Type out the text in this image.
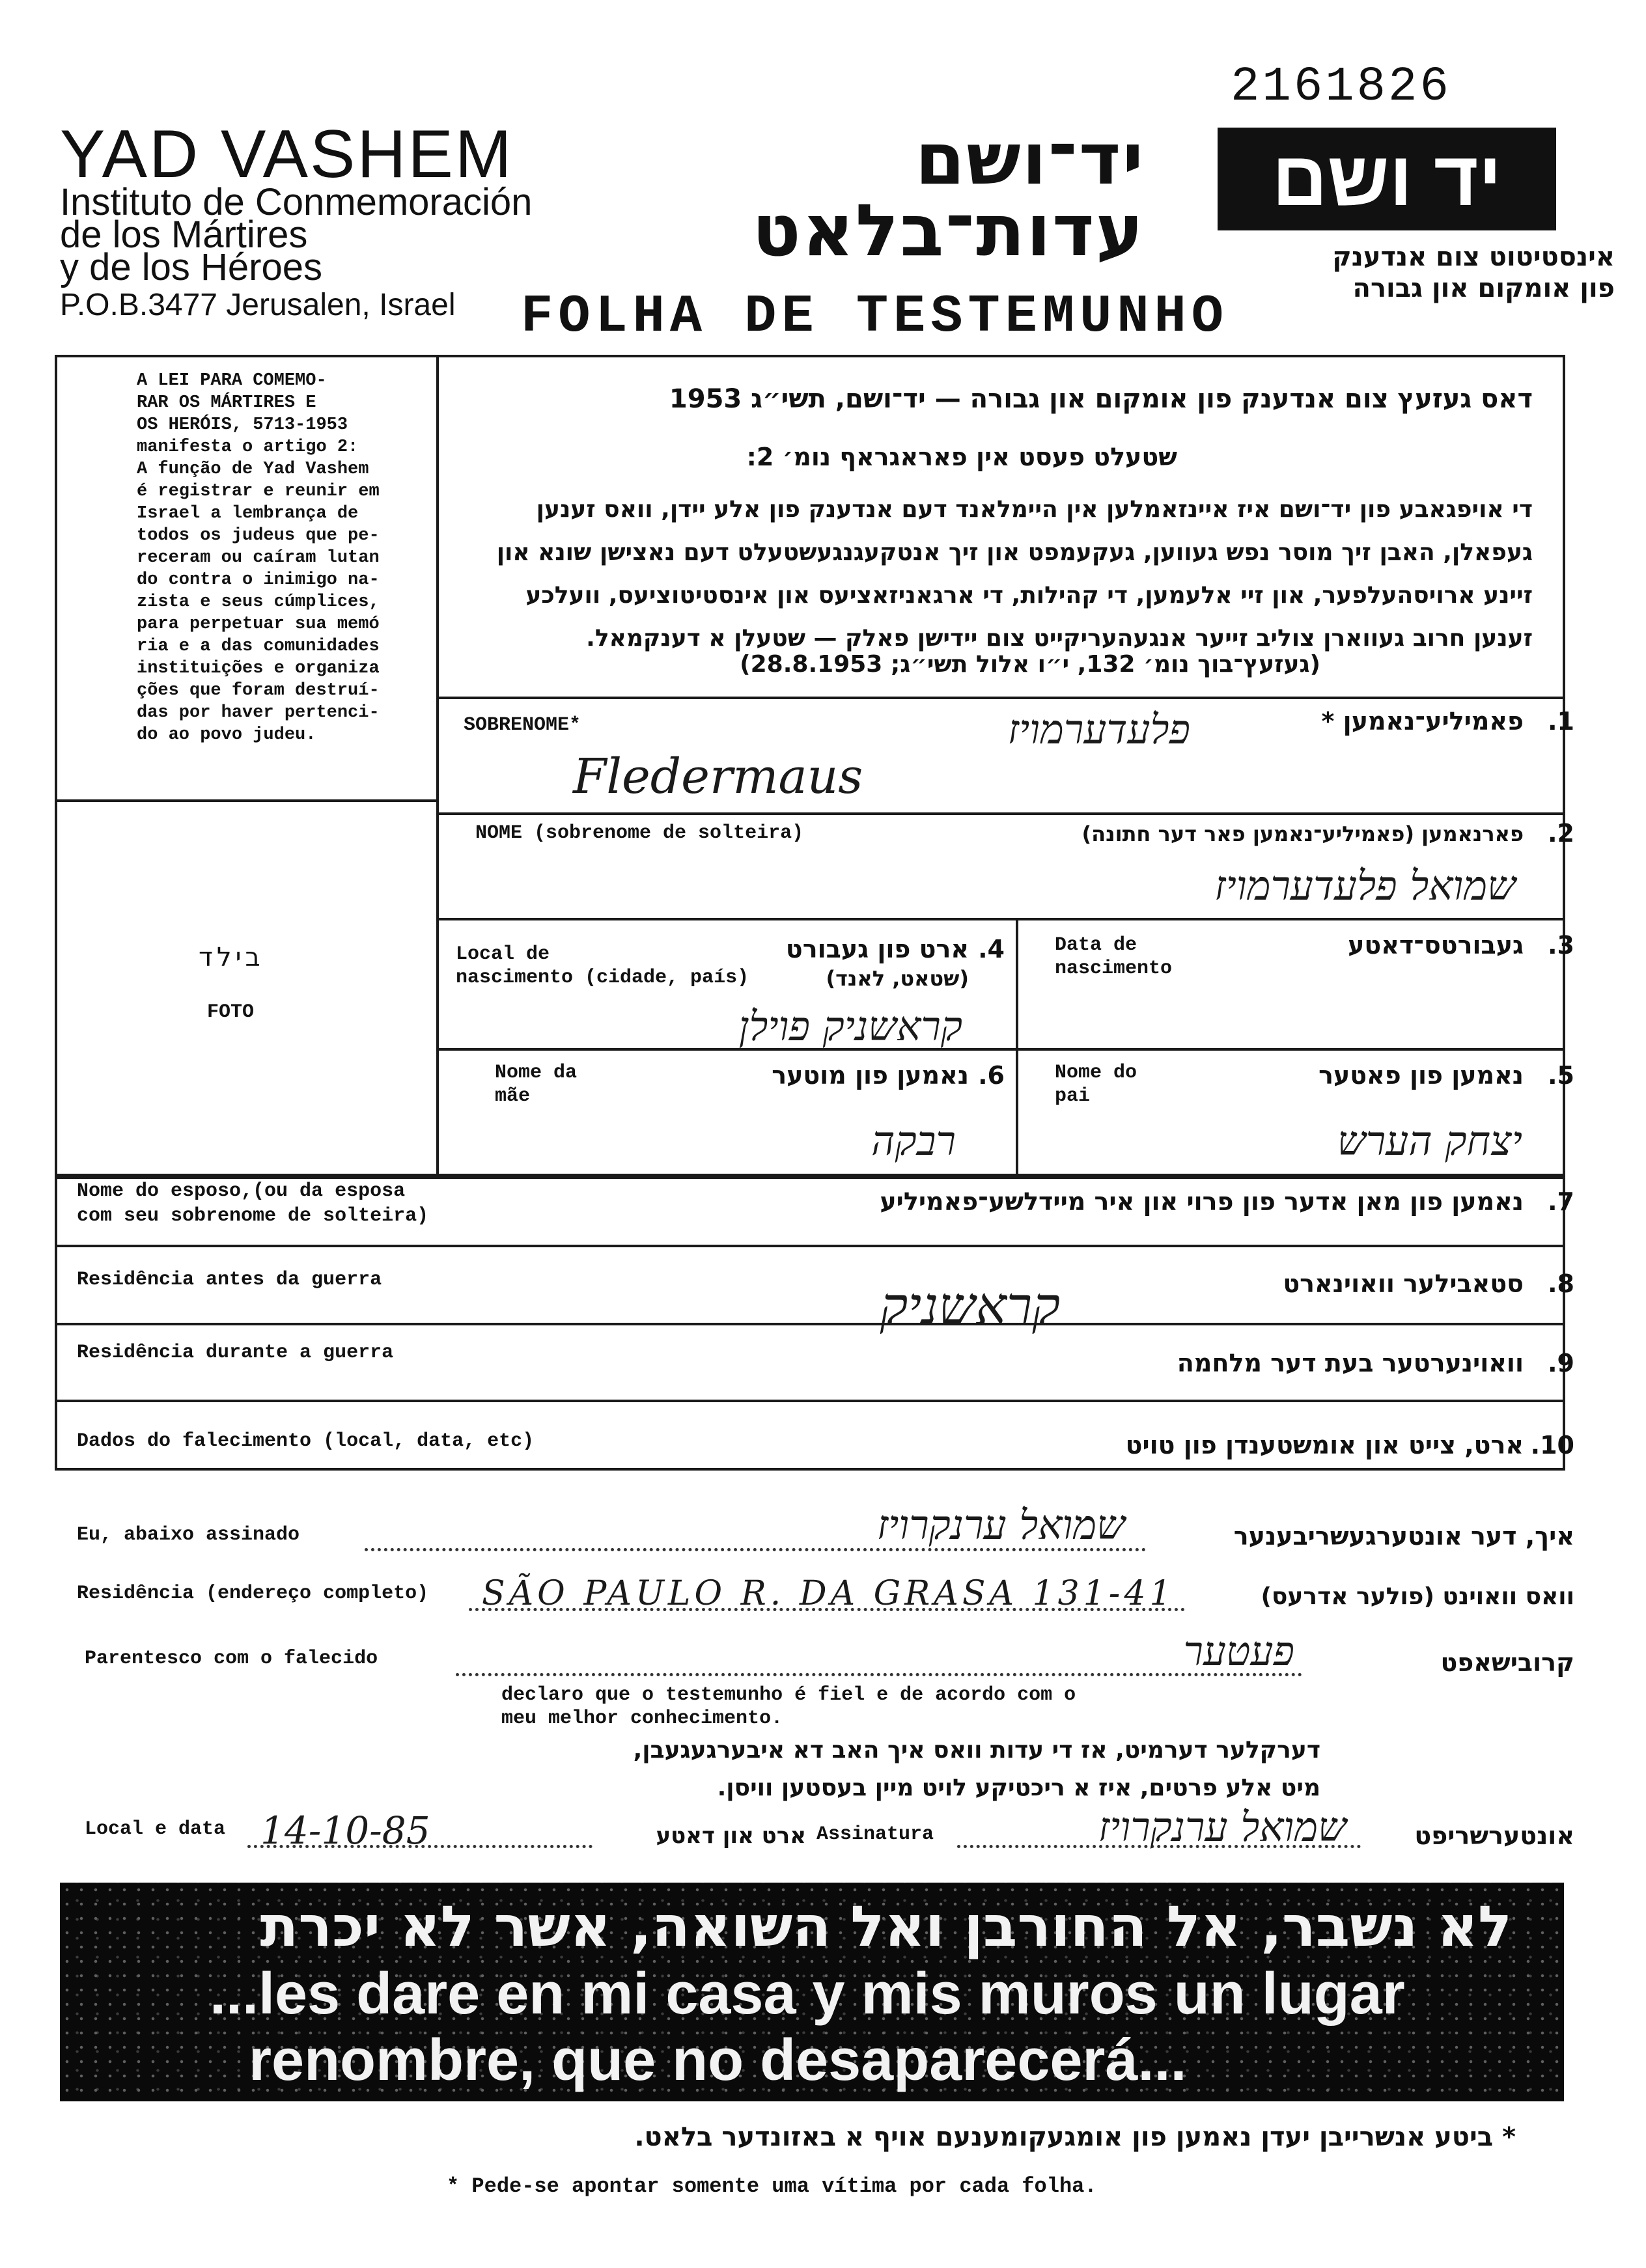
2161826
YAD VASHEM
Instituto de Conmemoración
de los Mártires
y de los Héroes
P.O.B.3477 Jerusalen, Israel
יד־ושם
עדות־בלאט
יד ושם
אינסטיטוט צום אנדענק
פון אומקום און גבורה
FOLHA DE TESTEMUNHO
A LEI PARA COMEMO-
RAR OS MÁRTIRES E
OS HERÓIS, 5713-1953
manifesta o artigo 2:
A função de Yad Vashem
é registrar e reunir em
Israel a lembrança de
todos os judeus que pe-
receram ou caíram lutan
do contra o inimigo na-
zista e seus cúmplices,
para perpetuar sua memó
ria e a das comunidades
instituições e organiza
ções que foram destruí-
das por haver pertenci-
do ao povo judeu.
בילד
FOTO
דאס געזעץ צום אנדענק פון אומקום און גבורה — יד־ושם, תשי״ג 1953
שטעלט פעסט אין פאראגראף נומ׳ 2:
די אויפגאבע פון יד־ושם איז איינזאמלען אין היימלאנד דעם אנדענק פון אלע יידן, וואס זענען געפאלן, האבן זיך מוסר נפש געווען, געקעמפט און זיך אנטקעגנגעשטעלט דעם נאצישן שונא און זיינע ארויסהעלפער, און זיי אלעמען, די קהילות, די ארגאניזאציעס און אינסטיטוציעס, וועלכע זענען חרוב געווארן צוליב זייער אנגעהעריקייט צום יידישן פאלק — שטעלן א דענקמאל.
(געזעץ־בוך נומ׳ 132, י״ו אלול תשי״ג; 28.8.1953)
SOBRENOME*	פאמיליע־נאמען * .1
פלעדערמויז
Fledermaus
NOME (sobrenome de solteira)	פארנאמען (פאמיליע־נאמען פאר דער חתונה) .2
שמואל פלעדערמויז
Data de
nascimento
געבורטס־דאטע .3
Local de
nascimento (cidade, país)
ארט פון געבורט
(שטאט, לאנד)
.4
קראשניק פוילן
Nome do
pai
נאמען פון פאטער .5
יצחק הערש
Nome da
mãe
נאמען פון מוטער .6
רבקה
Nome do esposo,(ou da esposa
com seu sobrenome de solteira)	נאמען פון מאן אדער פון פרוי און איר מיידלשע־פאמיליע .7
Residência antes da guerra	סטאבילער וואוינארט .8
קראשניק
Residência durante a guerra	וואוינערטער בעת דער מלחמה .9
Dados do falecimento (local, data, etc)	ארט, צייט און אומשטענדן פון טויט .10
Eu, abaixo assinado	שמואל ערנקרויז	איך, דער אונטערגעשריבענער
Residência (endereço completo) SÃO PAULO R. DA GRASA 131-41	וואס וואוינט (פולער אדרעס)
Parentesco com o falecido	פעטער	קרובישאפט
declaro que o testemunho é fiel e de acordo com o
meu melhor conhecimento.
דערקלער דערמיט, אז די עדות וואס איך האב דא איבערגעגעבן,
מיט אלע פרטים, איז א ריכטיקע לויט מיין בעסטען וויסן.
Local e data 14-10-85	ארט און דאטע Assinatura	שמואל ערנקרויז	אונטערשריפט
לא נשבר, אל החורבן ואל השואה, אשר לא יכרת
...les dare en mi casa y mis muros un lugar
renombre, que no desaparecerá...
* ביטע אנשרייבן יעדן נאמען פון אומגעקומענעם אויף א באזונדער בלאט.
* Pede-se apontar somente uma vítima por cada folha.
